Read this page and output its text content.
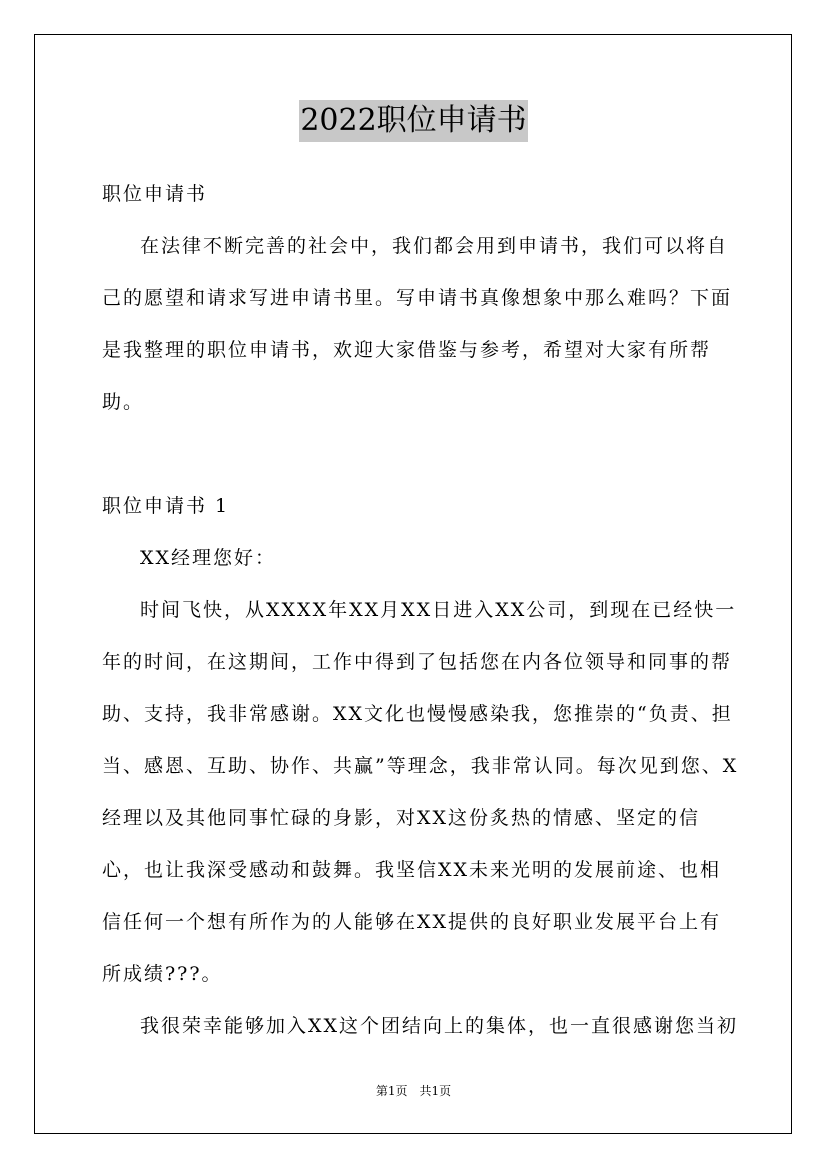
2022职位申请书

职位申请书

在法律不断完善的社会中，我们都会用到申请书，我们可以将自己的愿望和请求写进申请书里。写申请书真像想象中那么难吗？下面是我整理的职位申请书，欢迎大家借鉴与参考，希望对大家有所帮助。

职位申请书 1

XX经理您好：

时间飞快，从XXXX年XX月XX日进入XX公司，到现在已经快一年的时间，在这期间，工作中得到了包括您在内各位领导和同事的帮助、支持，我非常感谢。XX文化也慢慢感染我，您推崇的“负责、担当、感恩、互助、协作、共赢”等理念，我非常认同。每次见到您、X经理以及其他同事忙碌的身影，对XX这份炙热的情感、坚定的信心，也让我深受感动和鼓舞。我坚信XX未来光明的发展前途、也相信任何一个想有所作为的人能够在XX提供的良好职业发展平台上有所成绩???。

我很荣幸能够加入XX这个团结向上的集体，也一直很感谢您当初

第1页 共1页
